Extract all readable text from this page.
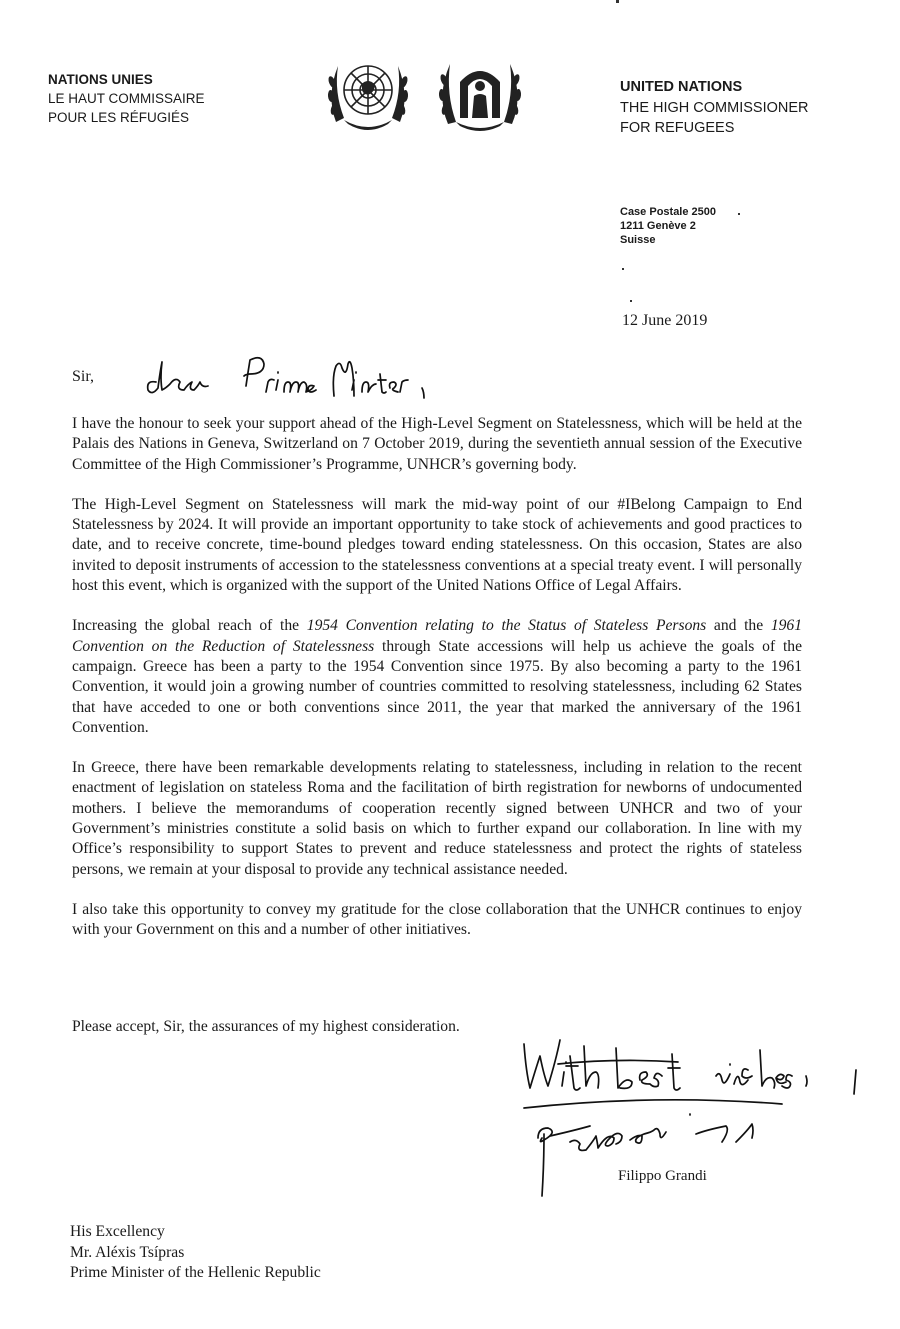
NATIONS UNIES
LE HAUT COMMISSAIRE
POUR LES RÉFUGIÉS
UNITED NATIONS
THE HIGH COMMISSIONER
FOR REFUGEES
Case Postale 2500
1211 Genève 2
Suisse
12 June 2019
Sir,

I have the honour to seek your support ahead of the High-Level Segment on Statelessness, which will be held at the Palais des Nations in Geneva, Switzerland on 7 October 2019, during the seventieth annual session of the Executive Committee of the High Commissioner’s Programme, UNHCR’s governing body.

The High-Level Segment on Statelessness will mark the mid-way point of our #IBelong Campaign to End Statelessness by 2024. It will provide an important opportunity to take stock of achievements and good practices to date, and to receive concrete, time-bound pledges toward ending statelessness. On this occasion, States are also invited to deposit instruments of accession to the statelessness conventions at a special treaty event. I will personally host this event, which is organized with the support of the United Nations Office of Legal Affairs.

Increasing the global reach of the 1954 Convention relating to the Status of Stateless Persons and the 1961 Convention on the Reduction of Statelessness through State accessions will help us achieve the goals of the campaign. Greece has been a party to the 1954 Convention since 1975. By also becoming a party to the 1961 Convention, it would join a growing number of countries committed to resolving statelessness, including 62 States that have acceded to one or both conventions since 2011, the year that marked the anniversary of the 1961 Convention.

In Greece, there have been remarkable developments relating to statelessness, including in relation to the recent enactment of legislation on stateless Roma and the facilitation of birth registration for newborns of undocumented mothers. I believe the memorandums of cooperation recently signed between UNHCR and two of your Government’s ministries constitute a solid basis on which to further expand our collaboration. In line with my Office’s responsibility to support States to prevent and reduce statelessness and protect the rights of stateless persons, we remain at your disposal to provide any technical assistance needed.

I also take this opportunity to convey my gratitude for the close collaboration that the UNHCR continues to enjoy with your Government on this and a number of other initiatives.

Please accept, Sir, the assurances of my highest consideration.
Filippo Grandi
His Excellency
Mr. Aléxis Tsípras
Prime Minister of the Hellenic Republic
